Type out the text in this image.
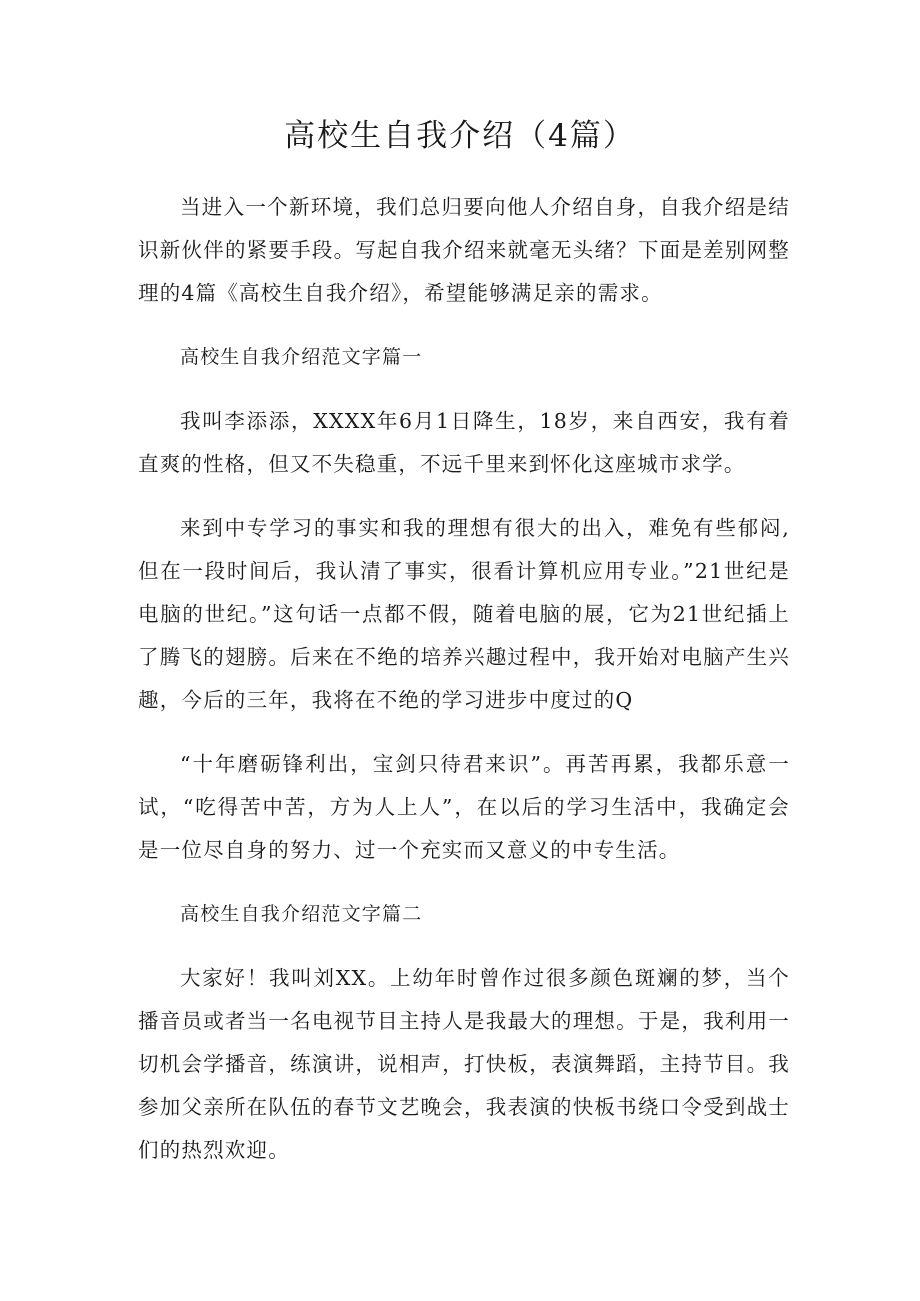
高校生自我介绍（4篇）

当进入一个新环境，我们总归要向他人介绍自身，自我介绍是结识新伙伴的紧要手段。写起自我介绍来就毫无头绪？下面是差别网整理的4篇《高校生自我介绍》，希望能够满足亲的需求。

高校生自我介绍范文字篇一

我叫李添添，XXXX年6月1日降生，18岁，来自西安，我有着直爽的性格，但又不失稳重，不远千里来到怀化这座城市求学。

来到中专学习的事实和我的理想有很大的出入，难免有些郁闷,但在一段时间后，我认清了事实，很看计算机应用专业。”21世纪是电脑的世纪。”这句话一点都不假，随着电脑的展，它为21世纪插上了腾飞的翅膀。后来在不绝的培养兴趣过程中，我开始对电脑产生兴趣，今后的三年，我将在不绝的学习进步中度过的Q

“十年磨砺锋利出，宝剑只待君来识”。再苦再累，我都乐意一试，“吃得苦中苦，方为人上人”，在以后的学习生活中，我确定会是一位尽自身的努力、过一个充实而又意义的中专生活。

高校生自我介绍范文字篇二

大家好！我叫刘XX。上幼年时曾作过很多颜色斑斓的梦，当个播音员或者当一名电视节目主持人是我最大的理想。于是，我利用一切机会学播音，练演讲，说相声，打快板，表演舞蹈，主持节目。我参加父亲所在队伍的春节文艺晚会，我表演的快板书绕口令受到战士们的热烈欢迎。
